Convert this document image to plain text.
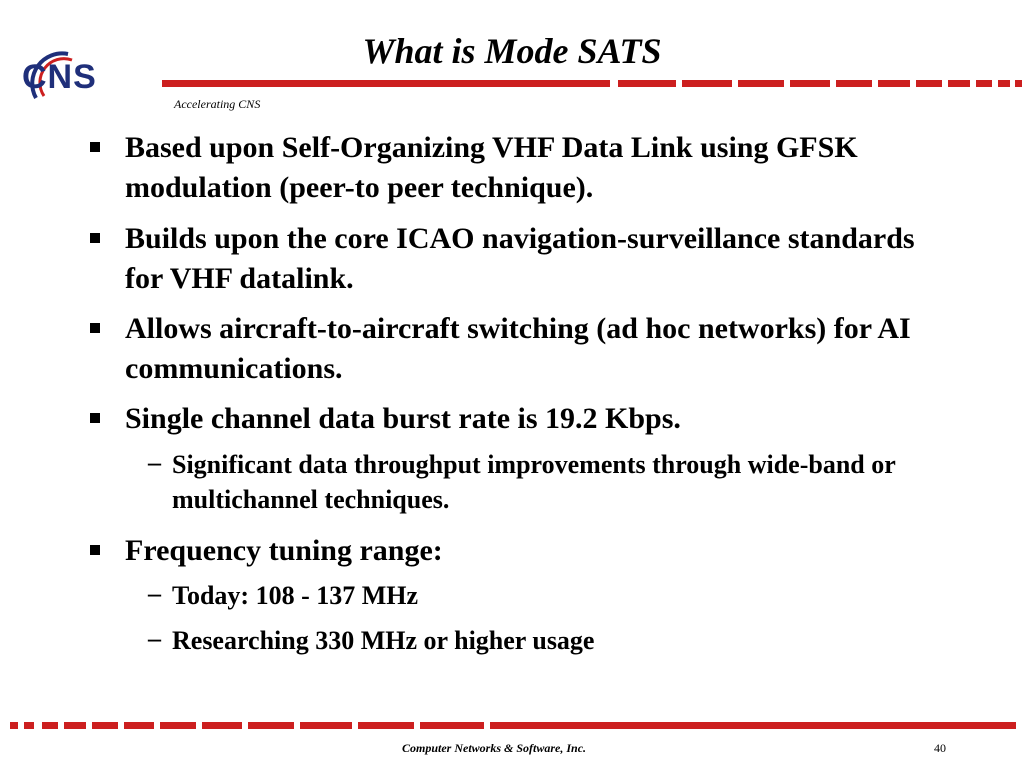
CNS
What is Mode SATS
Accelerating CNS
Based upon Self-Organizing VHF Data Link using GFSK modulation (peer-to peer technique).
Builds upon the core ICAO navigation-surveillance standards for VHF datalink.
Allows aircraft-to-aircraft switching (ad hoc networks) for AI communications.
Single channel data burst rate is 19.2 Kbps.
– Significant data throughput improvements through wide-band or multichannel techniques.
Frequency tuning range:
– Today: 108 - 137 MHz
– Researching 330 MHz or higher usage
Computer Networks & Software, Inc.	40
